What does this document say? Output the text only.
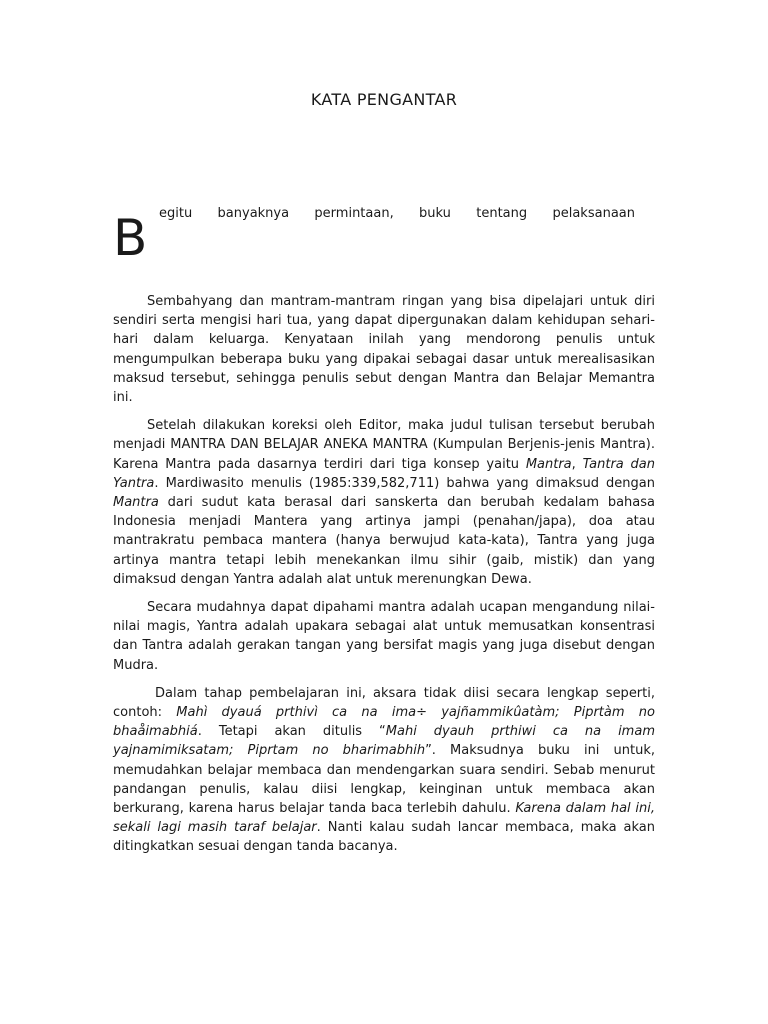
KATA PENGANTAR
B egitu banyaknya permintaan, buku tentang pelaksanaan

Sembahyang dan mantram-mantram ringan yang bisa dipelajari untuk diri sendiri serta mengisi hari tua, yang dapat dipergunakan dalam kehidupan sehari-hari dalam keluarga. Kenyataan inilah yang mendorong penulis untuk mengumpulkan beberapa buku yang dipakai sebagai dasar untuk merealisasikan maksud tersebut, sehingga penulis sebut dengan Mantra dan Belajar Memantra ini.

Setelah dilakukan koreksi oleh Editor, maka judul tulisan tersebut berubah menjadi MANTRA DAN BELAJAR ANEKA MANTRA (Kumpulan Berjenis-jenis Mantra). Karena Mantra pada dasarnya terdiri dari tiga konsep yaitu Mantra, Tantra dan Yantra. Mardiwasito menulis (1985:339,582,711) bahwa yang dimaksud dengan Mantra dari sudut kata berasal dari sanskerta dan berubah kedalam bahasa Indonesia menjadi Mantera yang artinya jampi (penahan/japa), doa atau mantrakratu pembaca mantera (hanya berwujud kata-kata), Tantra yang juga artinya mantra tetapi lebih menekankan ilmu sihir (gaib, mistik) dan yang dimaksud dengan Yantra adalah alat untuk merenungkan Dewa.

Secara mudahnya dapat dipahami mantra adalah ucapan mengandung nilai-nilai magis, Yantra adalah upakara sebagai alat untuk memusatkan konsentrasi dan Tantra adalah gerakan tangan yang bersifat magis yang juga disebut dengan Mudra.

Dalam tahap pembelajaran ini, aksara tidak diisi secara lengkap seperti, contoh: Mahì dyauá prthivì ca na ima÷ yajñammikûatàm; Piprtàm no bhaåimabhiá. Tetapi akan ditulis “Mahi dyauh prthiwi ca na imam yajnamimiksatam; Piprtam no bharimabhih”. Maksudnya buku ini untuk, memudahkan belajar membaca dan mendengarkan suara sendiri. Sebab menurut pandangan penulis, kalau diisi lengkap, keinginan untuk membaca akan berkurang, karena harus belajar tanda baca terlebih dahulu. Karena dalam hal ini, sekali lagi masih taraf belajar. Nanti kalau sudah lancar membaca, maka akan ditingkatkan sesuai dengan tanda bacanya.
